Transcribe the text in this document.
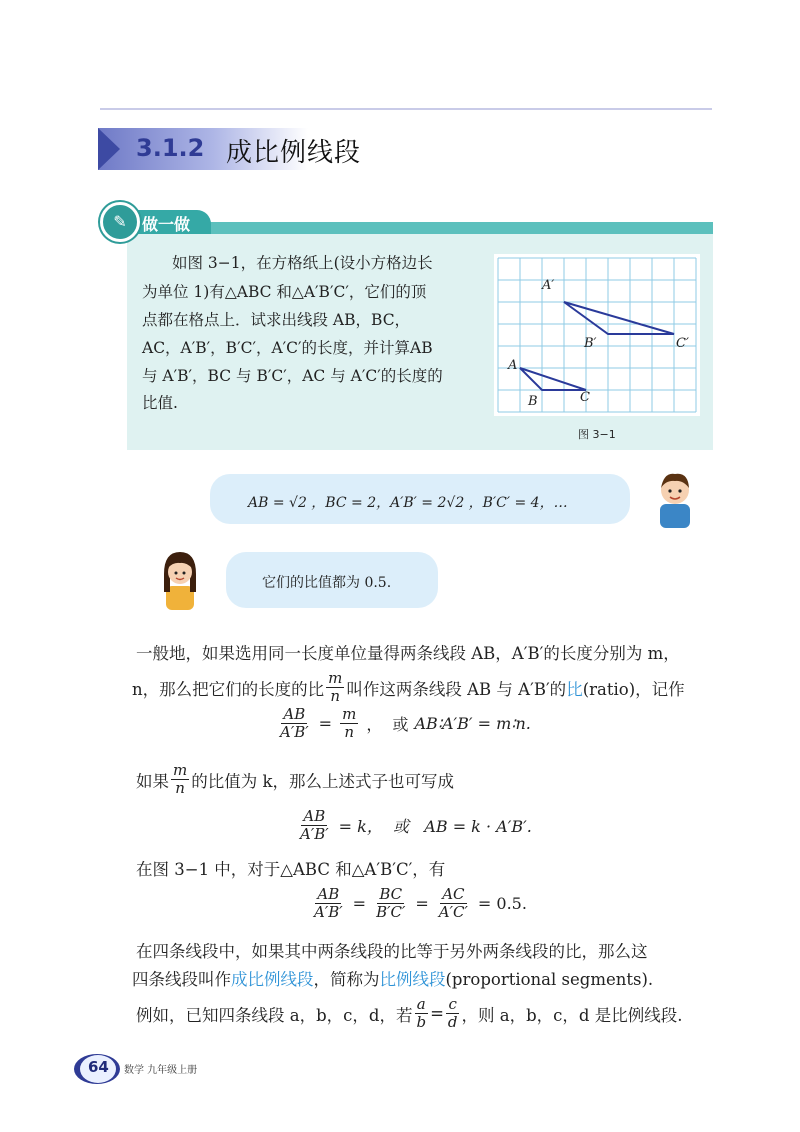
3.1.2 成比例线段
✎ 做一做
如图 3−1，在方格纸上(设小方格边长
为单位 1)有△ABC 和△A′B′C′，它们的顶
点都在格点上．试求出线段 AB，BC，
AC，A′B′，B′C′，A′C′的长度，并计算AB
与 A′B′，BC 与 B′C′，AC 与 A′C′的长度的
比值.
A
B	C
A′
B′	C′
图 3−1
AB = √2 ，BC = 2，A′B′ = 2√2 ，B′C′ = 4，…
它们的比值都为 0.5.
一般地，如果选用同一长度单位量得两条线段 AB，A′B′的长度分别为 m，
n，那么把它们的长度的比 $\frac{m}{n}$ 叫作这两条线段 AB 与 A′B′的 比 (ratio)，记作
$\frac{AB}{A'B'} = \frac{m}{n}$ ，  或 AB∶A′B′ = m∶n.
如果 $\frac{m}{n}$ 的比值为 k，那么上述式子也可写成
$\frac{AB}{A'B'} = k$，  或   AB = k · A′B′.
在图 3−1 中，对于△ABC 和△A′B′C′，有
$\frac{AB}{A'B'} = \frac{BC}{B'C'} = \frac{AC}{A'C'} = 0.5$.
在四条线段中，如果其中两条线段的比等于另外两条线段的比，那么这
四条线段叫作成比例线段，简称为比例线段(proportional segments).
例如，已知四条线段 a，b，c，d，若 $\frac{a}{b} = \frac{c}{d}$ ，则 a，b，c，d 是比例线段.
64 数学 九年级上册
